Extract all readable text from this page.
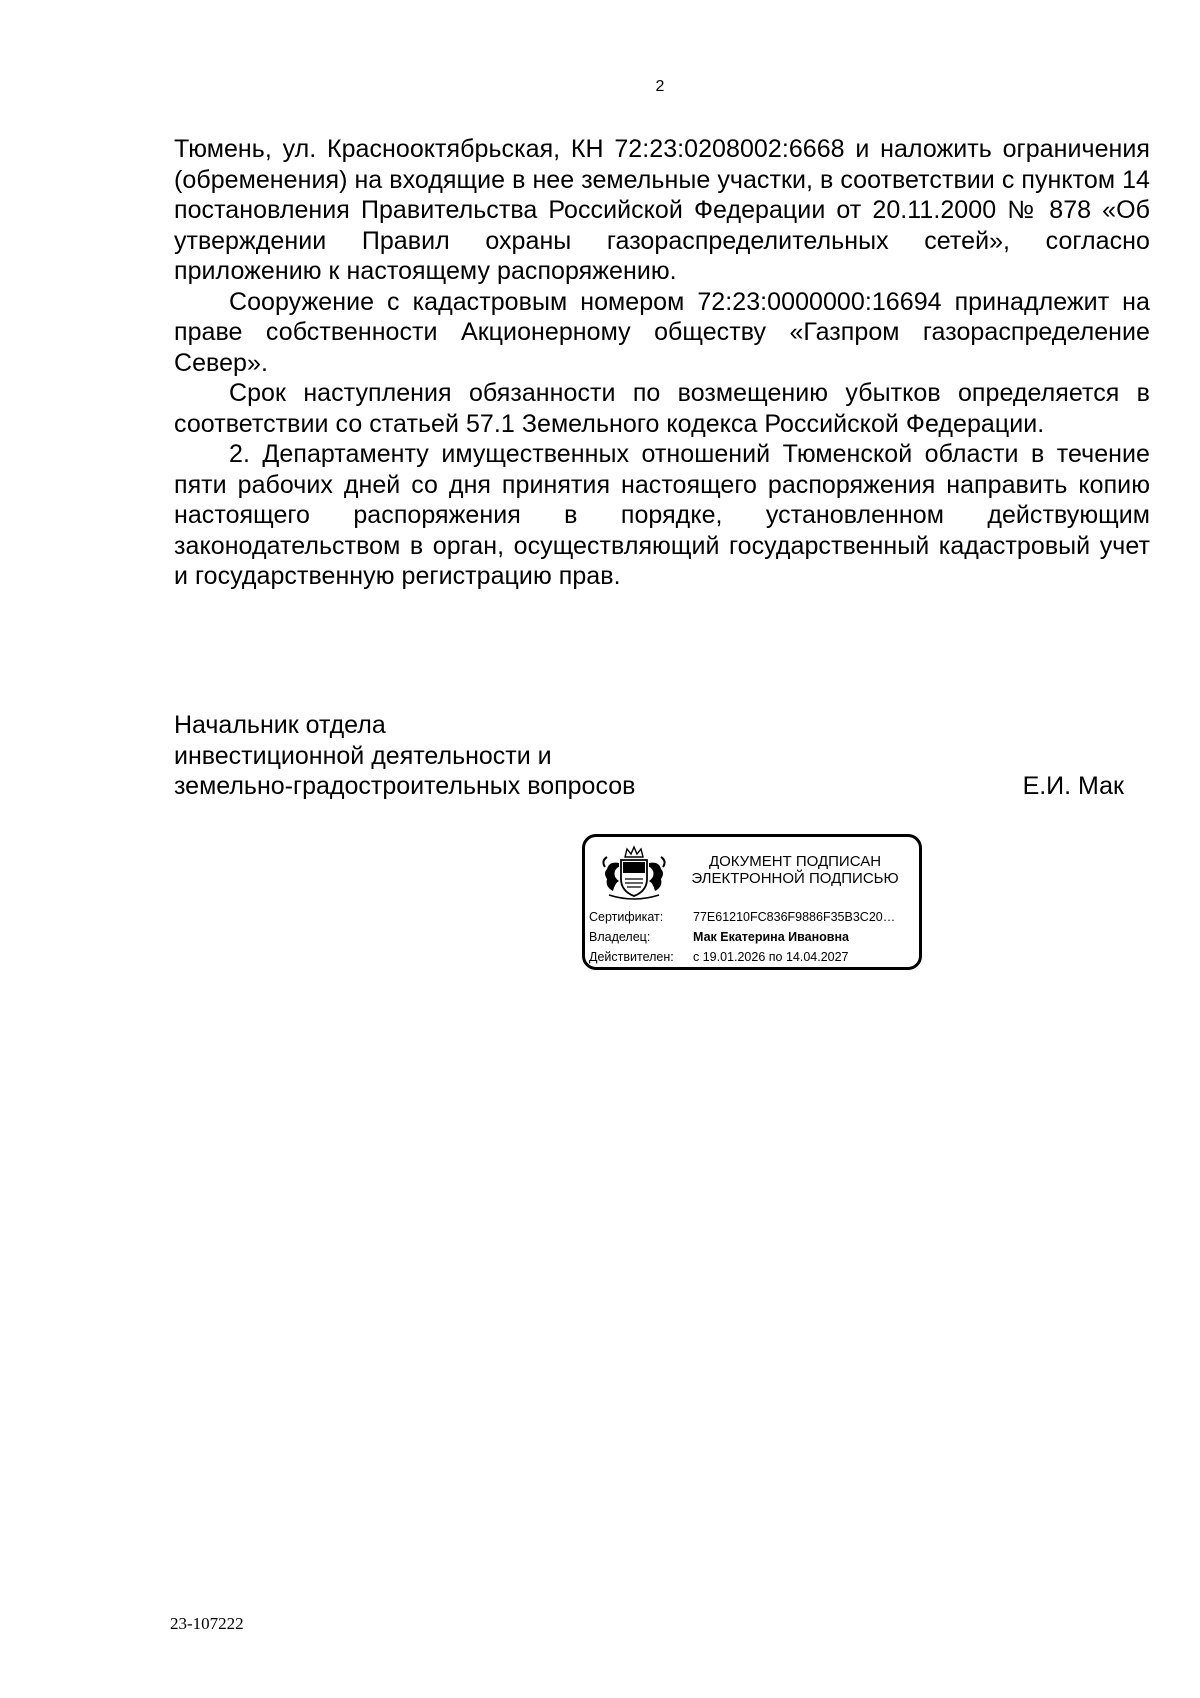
2

Тюмень, ул. Краснооктябрьская, КН 72:23:0208002:6668 и наложить ограничения (обременения) на входящие в нее земельные участки, в соответствии с пунктом 14 постановления Правительства Российской Федерации от 20.11.2000 № 878 «Об утверждении Правил охраны газораспределительных сетей», согласно приложению к настоящему распоряжению.

Сооружение с кадастровым номером 72:23:0000000:16694 принадлежит на праве собственности Акционерному обществу «Газпром газораспределение Север».

Срок наступления обязанности по возмещению убытков определяется в соответствии со статьей 57.1 Земельного кодекса Российской Федерации.

2. Департаменту имущественных отношений Тюменской области в течение пяти рабочих дней со дня принятия настоящего распоряжения направить копию настоящего распоряжения в порядке, установленном действующим законодательством в орган, осуществляющий государственный кадастровый учет и государственную регистрацию прав.

Начальник отдела
инвестиционной деятельности и
земельно-градостроительных вопросов	Е.И. Мак
ДОКУМЕНТ ПОДПИСАН
ЭЛЕКТРОННОЙ ПОДПИСЬЮ
Сертификат:	77E61210FC836F9886F35B3C20…
Владелец:	Мак Екатерина Ивановна
Действителен:	с 19.01.2026 по 14.04.2027
23-107222
